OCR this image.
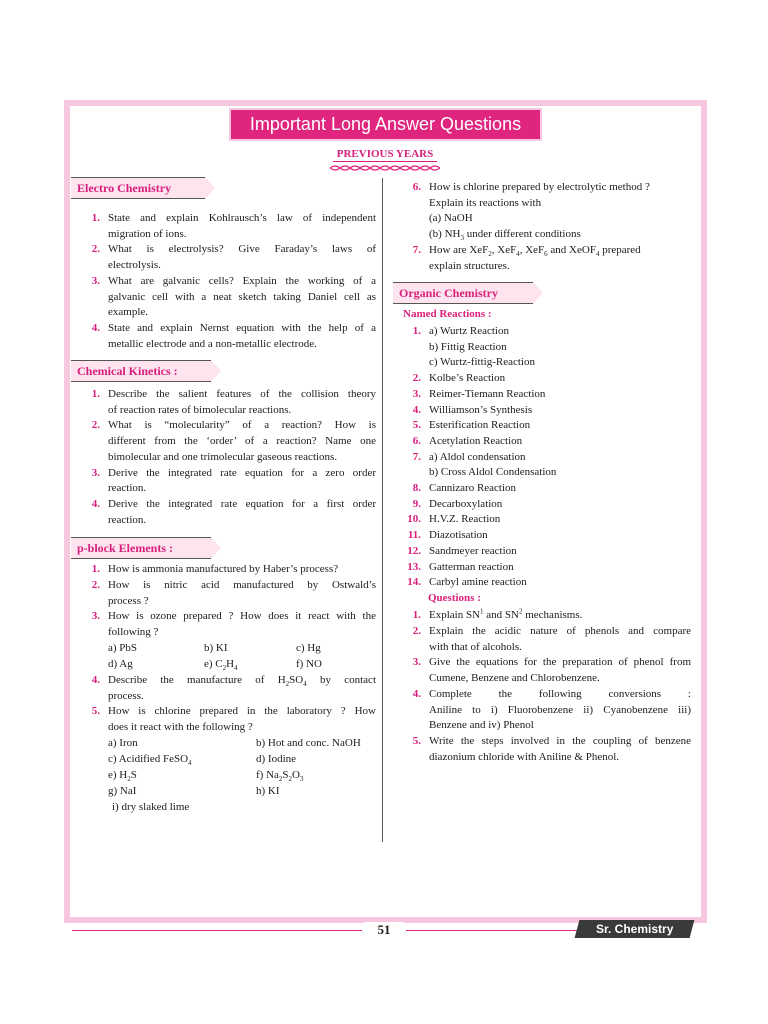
Important Long Answer Questions
PREVIOUS YEARS
Electro Chemistry
1. State and explain Kohlrausch’s law of independent
migration of ions.
2. What is electrolysis? Give Faraday’s laws of
electrolysis.
3. What are galvanic cells? Explain the working of a
galvanic cell with a neat sketch taking Daniel cell as
example.
4. State and explain Nernst equation with the help of a
metallic electrode and a non-metallic electrode.
Chemical Kinetics :
1. Describe the salient features of the collision theory
of reaction rates of bimolecular reactions.
2. What is “molecularity” of a reaction? How is
different from the ‘order’ of a reaction? Name one
bimolecular and one trimolecular gaseous reactions.
3. Derive the integrated rate equation for a zero order
reaction.
4. Derive the integrated rate equation for a first order
reaction.
p-block Elements :
1. How is ammonia manufactured by Haber’s process?
2. How is nitric acid manufactured by Ostwald’s
process ?
3. How is ozone prepared ? How does it react with the
following ?
a) PbS	b) KI	c) Hg
d) Ag	e) $C_2H_4$	f) NO
4. Describe the manufacture of $H_2SO_4$ by contact
process.
5. How is chlorine prepared in the laboratory ? How
does it react with the following ?
a) Iron	b) Hot and conc. NaOH
c) Acidified FeSO$_4$	d) Iodine
e) $H_2S$	f) $Na_2S_2O_3$
g) NaI	h) KI
i) dry slaked lime
6. How is chlorine prepared by electrolytic method ?
Explain its reactions with
(a) NaOH
(b) $NH_3$ under different conditions
7. How are XeF$_2$, XeF$_4$, XeF$_6$ and XeOF$_4$ prepared
explain structures.
Organic Chemistry
Named Reactions :
1. a) Wurtz Reaction
b) Fittig Reaction
c) Wurtz-fittig-Reaction
2. Kolbe’s Reaction
3. Reimer-Tiemann Reaction
4. Williamson’s Synthesis
5. Esterification Reaction
6. Acetylation Reaction
7. a) Aldol condensation
b) Cross Aldol Condensation
8. Cannizaro Reaction
9. Decarboxylation
10. H.V.Z. Reaction
11. Diazotisation
12. Sandmeyer reaction
13. Gatterman reaction
14. Carbyl amine reaction
Questions :
1. Explain $SN^1$ and $SN^2$ mechanisms.
2. Explain the acidic nature of phenols and compare
with that of alcohols.
3. Give the equations for the preparation of phenol from
Cumene, Benzene and Chlorobenzene.
4. Complete the following conversions :
Aniline to i) Fluorobenzene ii) Cyanobenzene iii)
Benzene and iv) Phenol
5. Write the steps involved in the coupling of benzene
diazonium chloride with Aniline & Phenol.
51	Sr. Chemistry
